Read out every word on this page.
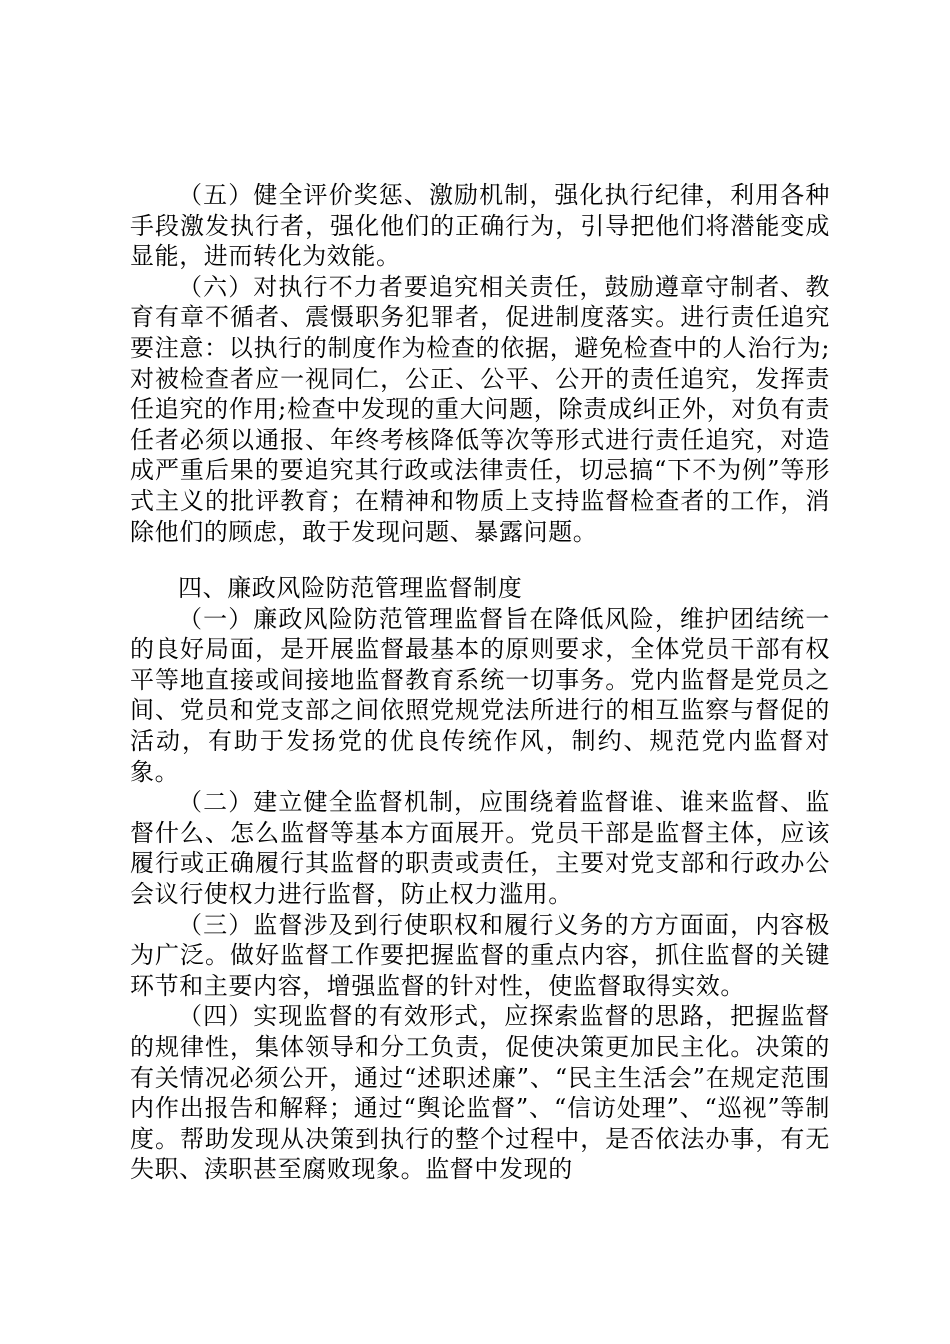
（五）健全评价奖惩、激励机制，强化执行纪律，利用各种手段激发执行者，强化他们的正确行为，引导把他们将潜能变成显能，进而转化为效能。

（六）对执行不力者要追究相关责任，鼓励遵章守制者、教育有章不循者、震慑职务犯罪者，促进制度落实。进行责任追究要注意：以执行的制度作为检查的依据，避免检查中的人治行为;对被检查者应一视同仁，公正、公平、公开的责任追究，发挥责任追究的作用;检查中发现的重大问题，除责成纠正外，对负有责任者必须以通报、年终考核降低等次等形式进行责任追究，对造成严重后果的要追究其行政或法律责任，切忌搞“下不为例”等形式主义的批评教育；在精神和物质上支持监督检查者的工作，消除他们的顾虑，敢于发现问题、暴露问题。

四、廉政风险防范管理监督制度

（一）廉政风险防范管理监督旨在降低风险，维护团结统一的良好局面，是开展监督最基本的原则要求，全体党员干部有权平等地直接或间接地监督教育系统一切事务。党内监督是党员之间、党员和党支部之间依照党规党法所进行的相互监察与督促的活动，有助于发扬党的优良传统作风，制约、规范党内监督对象。

（二）建立健全监督机制，应围绕着监督谁、谁来监督、监督什么、怎么监督等基本方面展开。党员干部是监督主体，应该履行或正确履行其监督的职责或责任，主要对党支部和行政办公会议行使权力进行监督，防止权力滥用。

（三）监督涉及到行使职权和履行义务的方方面面，内容极为广泛。做好监督工作要把握监督的重点内容，抓住监督的关键环节和主要内容，增强监督的针对性，使监督取得实效。

（四）实现监督的有效形式，应探索监督的思路，把握监督的规律性，集体领导和分工负责，促使决策更加民主化。决策的有关情况必须公开，通过“述职述廉”、“民主生活会”在规定范围内作出报告和解释；通过“舆论监督”、“信访处理”、“巡视”等制度。帮助发现从决策到执行的整个过程中，是否依法办事，有无失职、渎职甚至腐败现象。监督中发现的
